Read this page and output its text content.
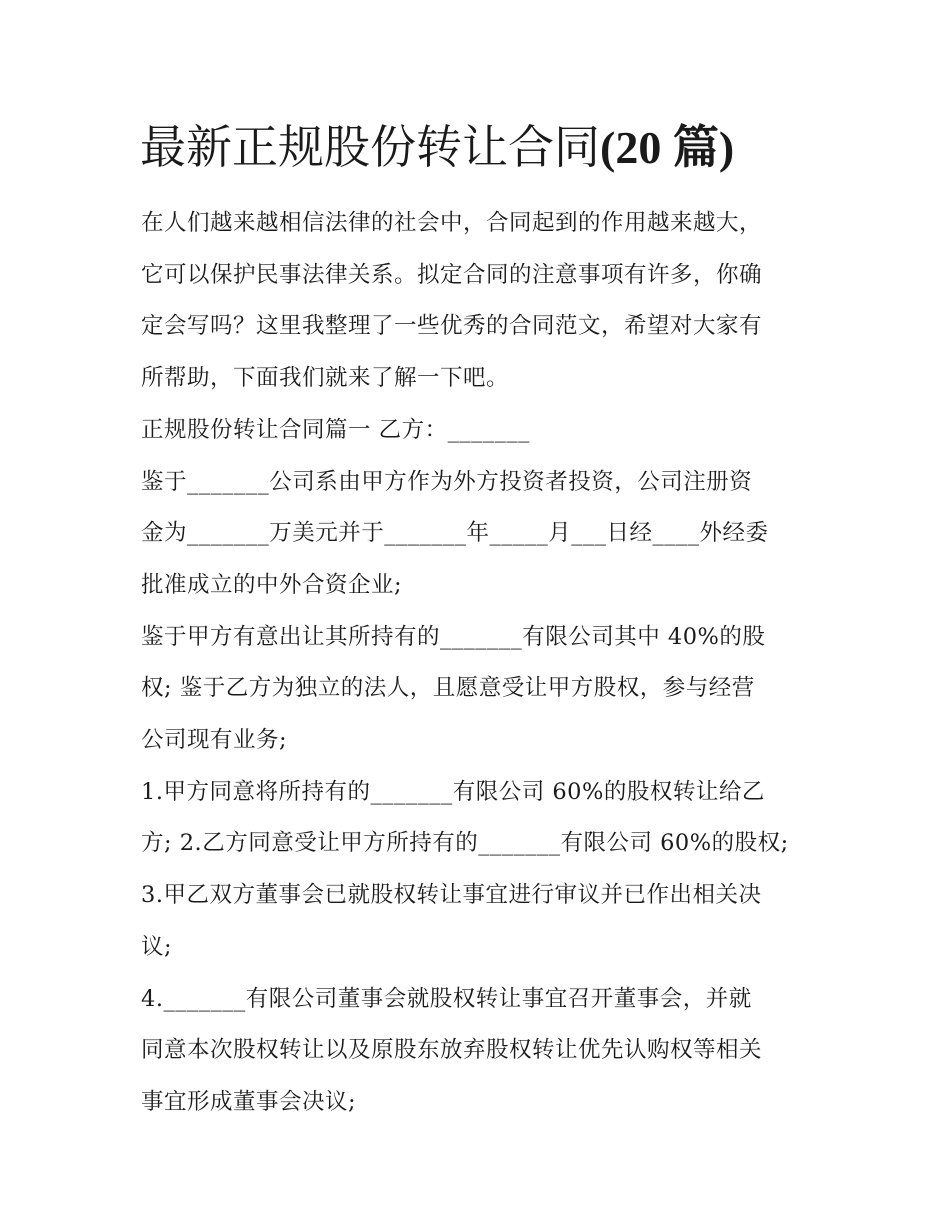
最新正规股份转让合同(20 篇)

在人们越来越相信法律的社会中，合同起到的作用越来越大，

它可以保护民事法律关系。拟定合同的注意事项有许多，你确

定会写吗？这里我整理了一些优秀的合同范文，希望对大家有

所帮助，下面我们就来了解一下吧。

正规股份转让合同篇一 乙方：_______

鉴于_______公司系由甲方作为外方投资者投资，公司注册资

金为_______万美元并于_______年_____月___日经____外经委

批准成立的中外合资企业;

鉴于甲方有意出让其所持有的_______有限公司其中 40%的股

权; 鉴于乙方为独立的法人，且愿意受让甲方股权，参与经营

公司现有业务;

1.甲方同意将所持有的_______有限公司 60%的股权转让给乙

方; 2.乙方同意受让甲方所持有的_______有限公司 60%的股权;

3.甲乙双方董事会已就股权转让事宜进行审议并已作出相关决

议;

4._______有限公司董事会就股权转让事宜召开董事会，并就

同意本次股权转让以及原股东放弃股权转让优先认购权等相关

事宜形成董事会决议;
